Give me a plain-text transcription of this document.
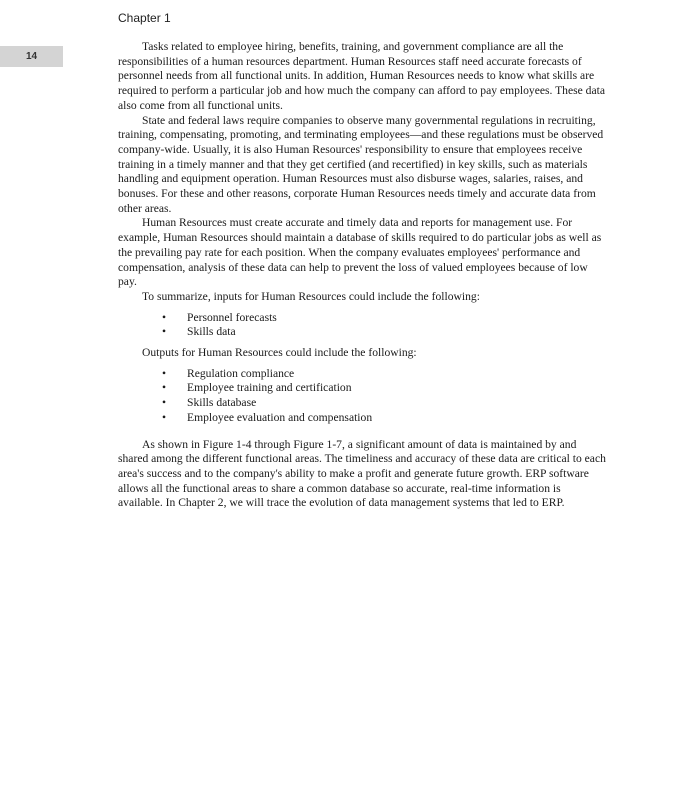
Chapter 1
14

Tasks related to employee hiring, benefits, training, and government compliance are all the responsibilities of a human resources department. Human Resources staff need accurate forecasts of personnel needs from all functional units. In addition, Human Resources needs to know what skills are required to perform a particular job and how much the company can afford to pay employees. These data also come from all functional units.

State and federal laws require companies to observe many governmental regulations in recruiting, training, compensating, promoting, and terminating employees—and these regulations must be observed company-wide. Usually, it is also Human Resources' responsibility to ensure that employees receive training in a timely manner and that they get certified (and recertified) in key skills, such as materials handling and equipment operation. Human Resources must also disburse wages, salaries, raises, and bonuses. For these and other reasons, corporate Human Resources needs timely and accurate data from other areas.

Human Resources must create accurate and timely data and reports for management use. For example, Human Resources should maintain a database of skills required to do particular jobs as well as the prevailing pay rate for each position. When the company evaluates employees' performance and compensation, analysis of these data can help to prevent the loss of valued employees because of low pay.

To summarize, inputs for Human Resources could include the following:

• Personnel forecasts
• Skills data

Outputs for Human Resources could include the following:

• Regulation compliance
• Employee training and certification
• Skills database
• Employee evaluation and compensation

As shown in Figure 1-4 through Figure 1-7, a significant amount of data is maintained by and shared among the different functional areas. The timeliness and accuracy of these data are critical to each area's success and to the company's ability to make a profit and generate future growth. ERP software allows all the functional areas to share a common database so accurate, real-time information is available. In Chapter 2, we will trace the evolution of data management systems that led to ERP.
